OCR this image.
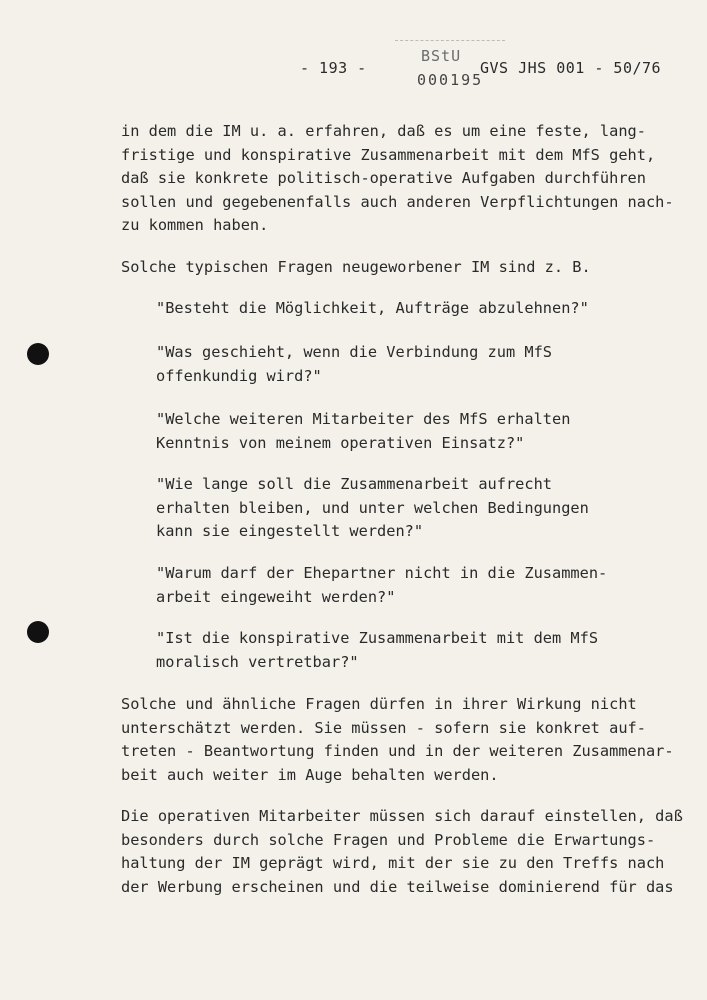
- 193 -
BStU
000195
GVS JHS 001 - 50/76
in dem die IM u. a. erfahren, daß es um eine feste, lang-
fristige und konspirative Zusammenarbeit mit dem MfS geht,
daß sie konkrete politisch-operative Aufgaben durchführen
sollen und gegebenenfalls auch anderen Verpflichtungen nach-
zu kommen haben.
Solche typischen Fragen neugeworbener IM sind z. B.
"Besteht die Möglichkeit, Aufträge abzulehnen?"
"Was geschieht, wenn die Verbindung zum MfS
offenkundig wird?"
"Welche weiteren Mitarbeiter des MfS erhalten
Kenntnis von meinem operativen Einsatz?"
"Wie lange soll die Zusammenarbeit aufrecht
erhalten bleiben, und unter welchen Bedingungen
kann sie eingestellt werden?"
"Warum darf der Ehepartner nicht in die Zusammen-
arbeit eingeweiht werden?"
"Ist die konspirative Zusammenarbeit mit dem MfS
moralisch vertretbar?"
Solche und ähnliche Fragen dürfen in ihrer Wirkung nicht
unterschätzt werden. Sie müssen - sofern sie konkret auf-
treten - Beantwortung finden und in der weiteren Zusammenar-
beit auch weiter im Auge behalten werden.
Die operativen Mitarbeiter müssen sich darauf einstellen, daß
besonders durch solche Fragen und Probleme die Erwartungs-
haltung der IM geprägt wird, mit der sie zu den Treffs nach
der Werbung erscheinen und die teilweise dominierend für das
